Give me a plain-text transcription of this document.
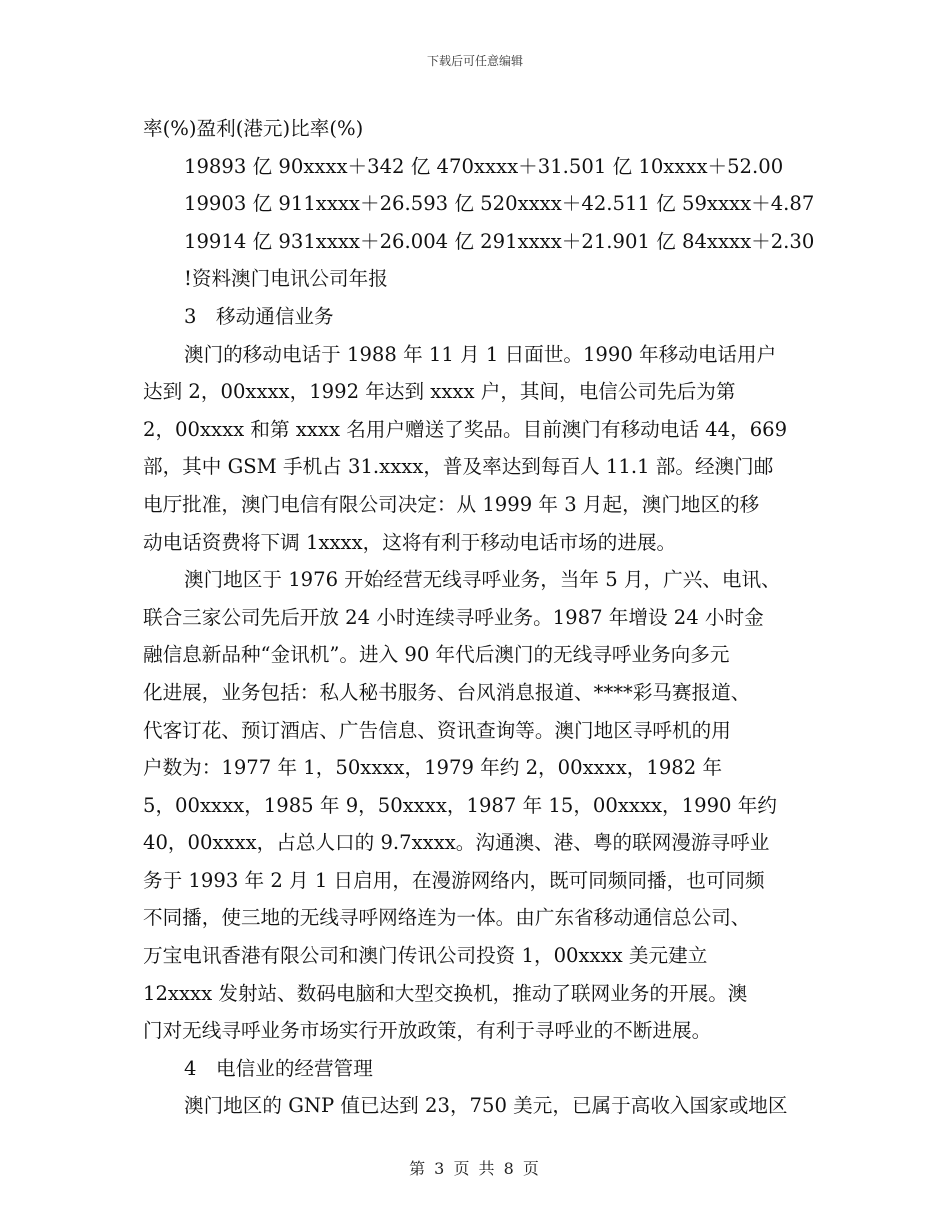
下载后可任意编辑
率(%)盈利(港元)比率(%)
19893 亿 90xxxx＋342 亿 470xxxx＋31.501 亿 10xxxx＋52.00
19903 亿 911xxxx＋26.593 亿 520xxxx＋42.511 亿 59xxxx＋4.87
19914 亿 931xxxx＋26.004 亿 291xxxx＋21.901 亿 84xxxx＋2.30
!资料澳门电讯公司年报
3　移动通信业务
澳门的移动电话于 1988 年 11 月 1 日面世。1990 年移动电话用户
达到 2，00xxxx，1992 年达到 xxxx 户，其间，电信公司先后为第
2，00xxxx 和第 xxxx 名用户赠送了奖品。目前澳门有移动电话 44，669
部，其中 GSM 手机占 31.xxxx，普及率达到每百人 11.1 部。经澳门邮
电厅批准，澳门电信有限公司决定：从 1999 年 3 月起，澳门地区的移
动电话资费将下调 1xxxx，这将有利于移动电话市场的进展。
澳门地区于 1976 开始经营无线寻呼业务，当年 5 月，广兴、电讯、
联合三家公司先后开放 24 小时连续寻呼业务。1987 年增设 24 小时金
融信息新品种“金讯机”。进入 90 年代后澳门的无线寻呼业务向多元
化进展，业务包括：私人秘书服务、台风消息报道、****彩马赛报道、
代客订花、预订酒店、广告信息、资讯查询等。澳门地区寻呼机的用
户数为：1977 年 1，50xxxx，1979 年约 2，00xxxx，1982 年
5，00xxxx，1985 年 9，50xxxx，1987 年 15，00xxxx，1990 年约
40，00xxxx，占总人口的 9.7xxxx。沟通澳、港、粤的联网漫游寻呼业
务于 1993 年 2 月 1 日启用，在漫游网络内，既可同频同播，也可同频
不同播，使三地的无线寻呼网络连为一体。由广东省移动通信总公司、
万宝电讯香港有限公司和澳门传讯公司投资 1，00xxxx 美元建立
12xxxx 发射站、数码电脑和大型交换机，推动了联网业务的开展。澳
门对无线寻呼业务市场实行开放政策，有利于寻呼业的不断进展。
4　电信业的经营管理
澳门地区的 GNP 值已达到 23，750 美元，已属于高收入国家或地区
第 3 页 共 8 页
